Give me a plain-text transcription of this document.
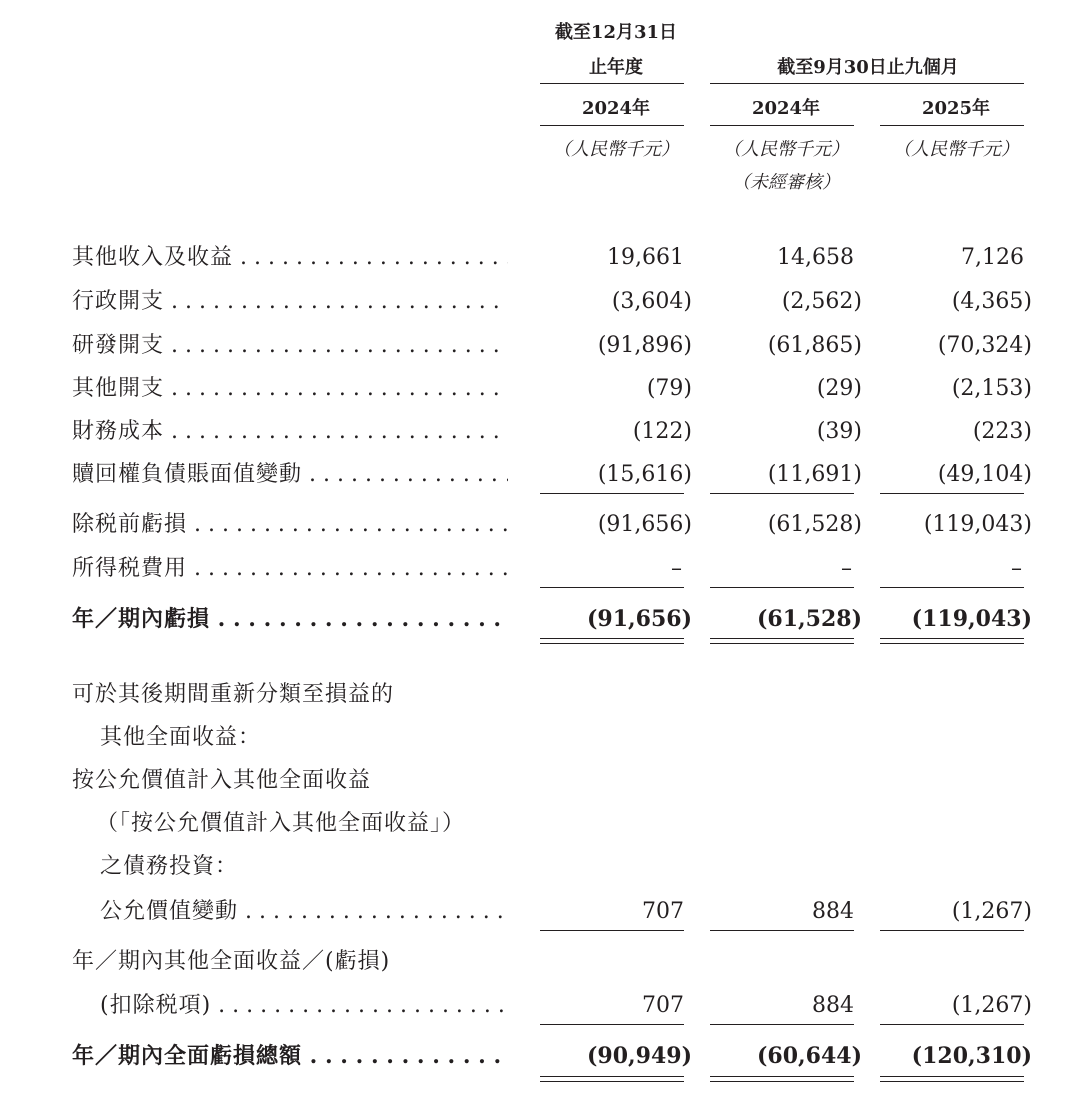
截至12月31日
止年度	截至9月30日止九個月
2024年	2024年	2025年
（人民幣千元）	（人民幣千元）	（人民幣千元）
（未經審核）
其他收入及收益 . . .	19,661	14,658	7,126
行政開支 . . .	(3,604)	(2,562)	(4,365)
研發開支 . . .	(91,896)	(61,865)	(70,324)
其他開支 . . .	(79)	(29)	(2,153)
財務成本 . . .	(122)	(39)	(223)
贖回權負債賬面值變動 . . .	(15,616)	(11,691)	(49,104)
除税前虧損 . . .	(91,656)	(61,528)	(119,043)
所得税費用 . . .	–	–	–
年／期內虧損 . . .	(91,656)	(61,528)	(119,043)
可於其後期間重新分類至損益的
其他全面收益：
按公允價值計入其他全面收益
（「按公允價值計入其他全面收益」）
之債務投資：
公允價值變動 . . .	707	884	(1,267)
年／期內其他全面收益／(虧損)
(扣除税項) . . .	707	884	(1,267)
年／期內全面虧損總額 . . .	(90,949)	(60,644)	(120,310)
